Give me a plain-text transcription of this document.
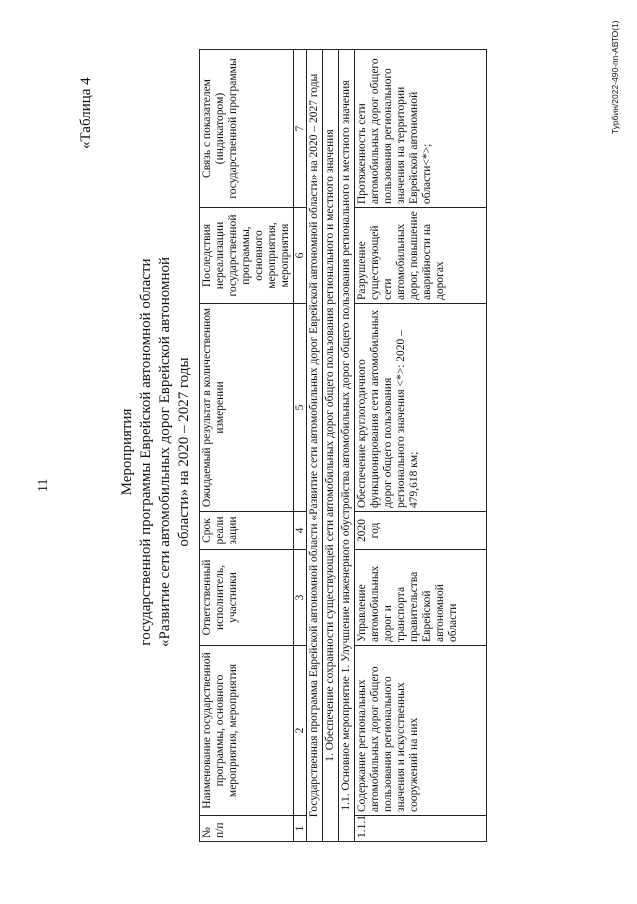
11
«Таблица 4
Мероприятия государственной программы Еврейской автономной области «Развитие сети автомобильных дорог Еврейской автономной области» на 2020 – 2027 годы
№ п/п	Наименование государственной программы, основного мероприятия, мероприятия	Ответственный исполнитель, участники	Срок реализации	Ожидаемый результат в количественном измерении	Последствия нереализации государственной программы, основного мероприятия, мероприятия	Связь с показателем (индикатором) государственной программы
1	2	3	4	5	6	7
Государственная программа Еврейской автономной области «Развитие сети автомобильных дорог Еврейской автономной области» на 2020 – 2027 годы						
1. Обеспечение сохранности существующей сети автомобильных дорог общего пользования регионального и местного значения						
1.1. Основное мероприятие 1. Улучшение инженерного обустройства автомобильных дорог общего пользования регионального и местного значения						
1.1.1	Содержание региональных автомобильных дорог общего пользования регионального значения и искусственных сооружений на них	Управление автомобильных дорог и транспорта правительства Еврейской автономной области	2020 год	Обеспечение круглогодичного функционирования сети автомобильных дорог общего пользования регионального значения <*>: 2020 – 479,618 км;	Разрушение существующей сети автомобильных дорог, повышение аварийности на дорогах	Протяженность сети автомобильных дорог общего пользования регионального значения на территории Еврейской автономной области<*>;
Турбин/2022-490-пп-АВТО(1)
